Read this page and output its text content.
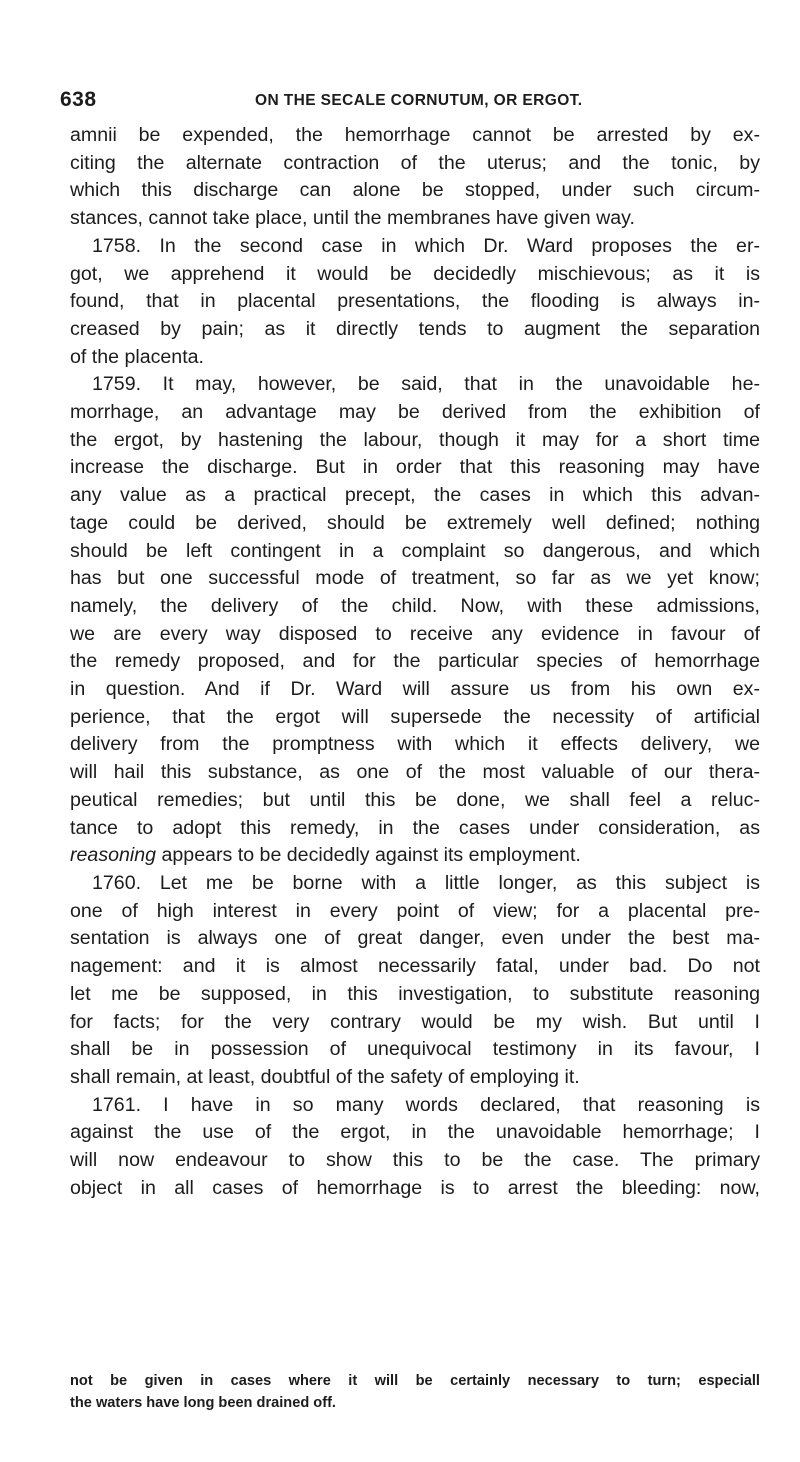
638	ON THE SECALE CORNUTUM, OR ERGOT.
amnii be expended, the hemorrhage cannot be arrested by ex-
citing the alternate contraction of the uterus; and the tonic, by
which this discharge can alone be stopped, under such circum-
stances, cannot take place, until the membranes have given way.
1758. In the second case in which Dr. Ward proposes the er-
got, we apprehend it would be decidedly mischievous; as it is
found, that in placental presentations, the flooding is always in-
creased by pain; as it directly tends to augment the separation
of the placenta.
1759. It may, however, be said, that in the unavoidable he-
morrhage, an advantage may be derived from the exhibition of
the ergot, by hastening the labour, though it may for a short time
increase the discharge. But in order that this reasoning may have
any value as a practical precept, the cases in which this advan-
tage could be derived, should be extremely well defined; nothing
should be left contingent in a complaint so dangerous, and which
has but one successful mode of treatment, so far as we yet know;
namely, the delivery of the child. Now, with these admissions,
we are every way disposed to receive any evidence in favour of
the remedy proposed, and for the particular species of hemorrhage
in question. And if Dr. Ward will assure us from his own ex-
perience, that the ergot will supersede the necessity of artificial
delivery from the promptness with which it effects delivery, we
will hail this substance, as one of the most valuable of our thera-
peutical remedies; but until this be done, we shall feel a reluc-
tance to adopt this remedy, in the cases under consideration, as
reasoning appears to be decidedly against its employment.
1760. Let me be borne with a little longer, as this subject is
one of high interest in every point of view; for a placental pre-
sentation is always one of great danger, even under the best ma-
nagement: and it is almost necessarily fatal, under bad. Do not
let me be supposed, in this investigation, to substitute reasoning
for facts; for the very contrary would be my wish. But until I
shall be in possession of unequivocal testimony in its favour, I
shall remain, at least, doubtful of the safety of employing it.
1761. I have in so many words declared, that reasoning is
against the use of the ergot, in the unavoidable hemorrhage; I
will now endeavour to show this to be the case. The primary
object in all cases of hemorrhage is to arrest the bleeding: now,
not be given in cases where it will be certainly necessary to turn; especiall
the waters have long been drained off.
